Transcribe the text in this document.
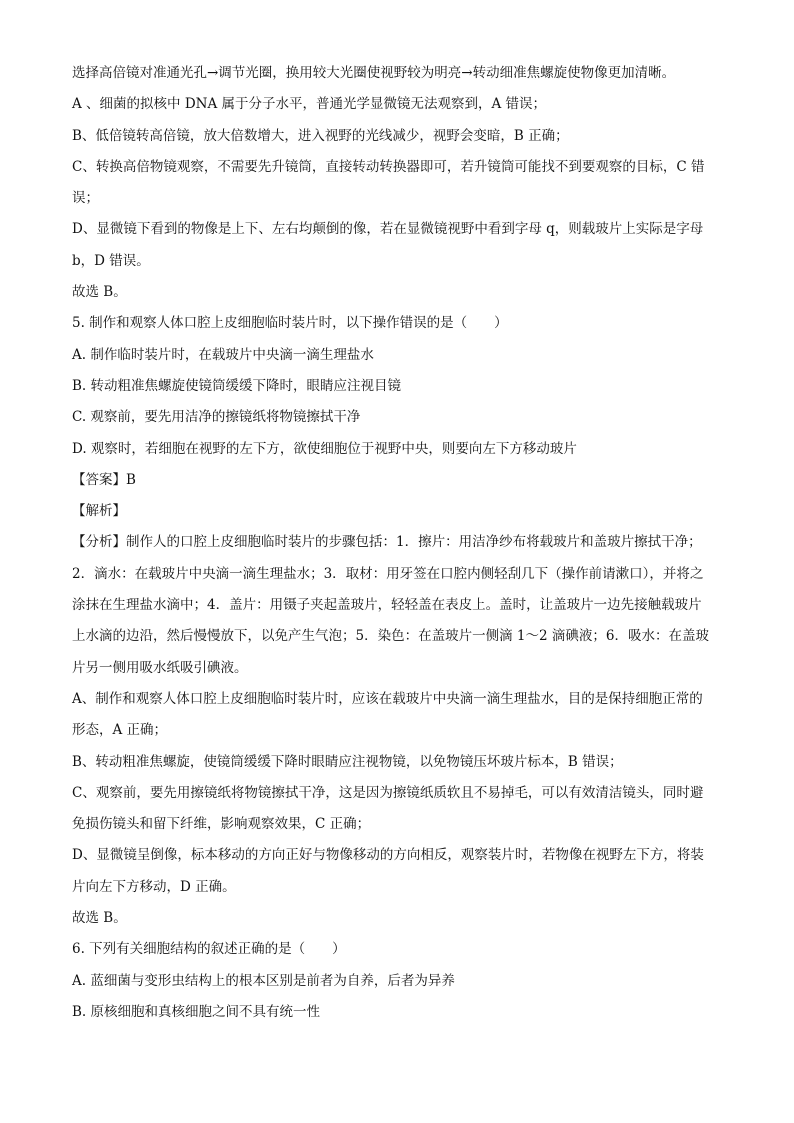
选择高倍镜对准通光孔→调节光圈，换用较大光圈使视野较为明亮→转动细准焦螺旋使物像更加清晰。
A 、细菌的拟核中 DNA 属于分子水平，普通光学显微镜无法观察到，A 错误；
B、低倍镜转高倍镜，放大倍数增大，进入视野的光线减少，视野会变暗，B 正确；
C、转换高倍物镜观察，不需要先升镜筒，直接转动转换器即可，若升镜筒可能找不到要观察的目标，C 错
误；
D、显微镜下看到的物像是上下、左右均颠倒的像，若在显微镜视野中看到字母 q，则载玻片上实际是字母
b，D 错误。
故选 B。
5. 制作和观察人体口腔上皮细胞临时装片时，以下操作错误的是（　　）
A. 制作临时装片时，在载玻片中央滴一滴生理盐水
B. 转动粗准焦螺旋使镜筒缓缓下降时，眼睛应注视目镜
C. 观察前，要先用洁净的擦镜纸将物镜擦拭干净
D. 观察时，若细胞在视野的左下方，欲使细胞位于视野中央，则要向左下方移动玻片
【答案】B
【解析】
【分析】制作人的口腔上皮细胞临时装片的步骤包括：1．擦片：用洁净纱布将载玻片和盖玻片擦拭干净；
2．滴水：在载玻片中央滴一滴生理盐水；3．取材：用牙签在口腔内侧轻刮几下（操作前请漱口），并将之
涂抹在生理盐水滴中；4．盖片：用镊子夹起盖玻片，轻轻盖在表皮上。盖时，让盖玻片一边先接触载玻片
上水滴的边沿，然后慢慢放下，以免产生气泡；5．染色：在盖玻片一侧滴 1～2 滴碘液；6．吸水：在盖玻
片另一侧用吸水纸吸引碘液。
A、制作和观察人体口腔上皮细胞临时装片时，应该在载玻片中央滴一滴生理盐水，目的是保持细胞正常的
形态，A 正确；
B、转动粗准焦螺旋，使镜筒缓缓下降时眼睛应注视物镜，以免物镜压坏玻片标本，B 错误；
C、观察前，要先用擦镜纸将物镜擦拭干净，这是因为擦镜纸质软且不易掉毛，可以有效清洁镜头，同时避
免损伤镜头和留下纤维，影响观察效果，C 正确；
D、显微镜呈倒像，标本移动的方向正好与物像移动的方向相反，观察装片时，若物像在视野左下方，将装
片向左下方移动，D 正确。
故选 B。
6. 下列有关细胞结构的叙述正确的是（　　）
A. 蓝细菌与变形虫结构上的根本区别是前者为自养，后者为异养
B. 原核细胞和真核细胞之间不具有统一性
